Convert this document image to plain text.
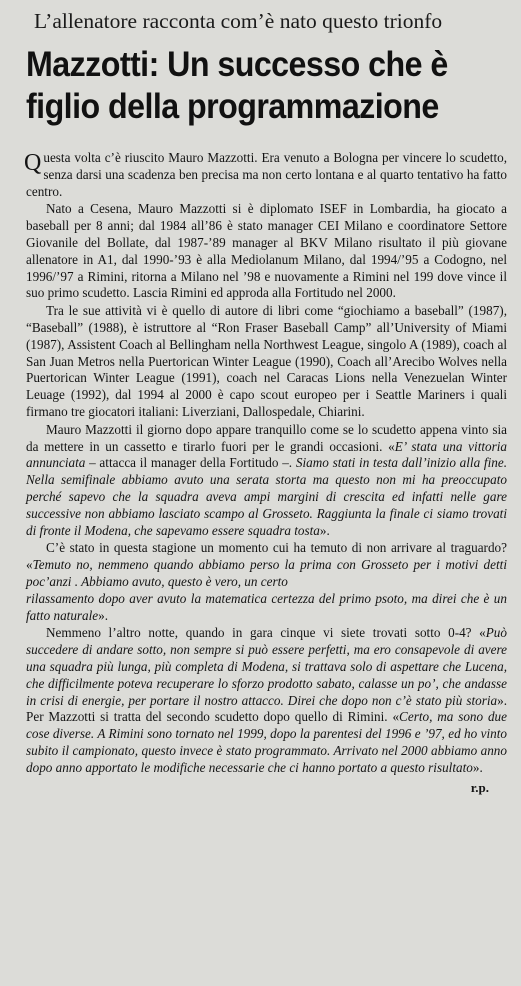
L’allenatore racconta com’è nato questo trionfo
Mazzotti: Un successo che è
figlio della programmazione

Questa volta c’è riuscito Mauro Mazzotti. Era venuto a Bologna per vincere lo scudetto, senza darsi una scadenza ben precisa ma non certo lontana e al quarto tentativo ha fatto centro.

Nato a Cesena, Mauro Mazzotti si è diplomato ISEF in Lombardia, ha giocato a baseball per 8 anni; dal 1984 all’86 è stato manager CEI Milano e coordinatore Settore Giovanile del Bollate, dal 1987-’89 manager al BKV Milano risultato il più giovane allenatore in A1, dal 1990-’93 è alla Mediolanum Milano, dal 1994/’95 a Codogno, nel 1996/’97 a Rimini, ritorna a Milano nel ’98 e nuovamente a Rimini nel 199 dove vince il suo primo scudetto. Lascia Rimini ed approda alla Fortitudo nel 2000.

Tra le sue attività vi è quello di autore di libri come “giochiamo a baseball” (1987), “Baseball” (1988), è istruttore al “Ron Fraser Baseball Camp” all’University of Miami (1987), Assistent Coach al Bellingham nella Northwest League, singolo A (1989), coach al San Juan Metros nella Puertorican Winter League (1990), Coach all’Arecibo Wolves nella Puertorican Winter League (1991), coach nel Caracas Lions nella Venezuelan Winter Leuage (1992), dal 1994 al 2000 è capo scout europeo per i Seattle Mariners i quali firmano tre giocatori italiani: Liverziani, Dallospedale, Chiarini.

Mauro Mazzotti il giorno dopo appare tranquillo come se lo scudetto appena vinto sia da mettere in un cassetto e tirarlo fuori per le grandi occasioni. «E’ stata una vittoria annunciata – attacca il manager della Fortitudo –. Siamo stati in testa dall’inizio alla fine. Nella semifinale abbiamo avuto una serata storta ma questo non mi ha preoccupato perché sapevo che la squadra aveva ampi margini di crescita ed infatti nelle gare successive non abbiamo lasciato scampo al Grosseto. Raggiunta la finale ci siamo trovati di fronte il Modena, che sapevamo essere squadra tosta».

C’è stato in questa stagione un momento cui ha temuto di non arrivare al traguardo? «Temuto no, nemmeno quando abbiamo perso la prima con Grosseto per i motivi detti poc’anzi . Abbiamo avuto, questo è vero, un certo
rilassamento dopo aver avuto la matematica certezza del primo psoto, ma direi che è un fatto naturale».

Nemmeno l’altro notte, quando in gara cinque vi siete trovati sotto 0-4? «Può succedere di andare sotto, non sempre si può essere perfetti, ma ero consapevole di avere una squadra più lunga, più completa di Modena, si trattava solo di aspettare che Lucena, che difficilmente poteva recuperare lo sforzo prodotto sabato, calasse un po’, che andasse in crisi di energie, per portare il nostro attacco. Direi che dopo non c’è stato più storia». Per Mazzotti si tratta del secondo scudetto dopo quello di Rimini. «Certo, ma sono due cose diverse. A Rimini sono tornato nel 1999, dopo la parentesi del 1996 e ’97, ed ho vinto subito il campionato, questo invece è stato programmato. Arrivato nel 2000 abbiamo anno dopo anno apportato le modifiche necessarie che ci hanno portato a questo risultato».

r.p.
